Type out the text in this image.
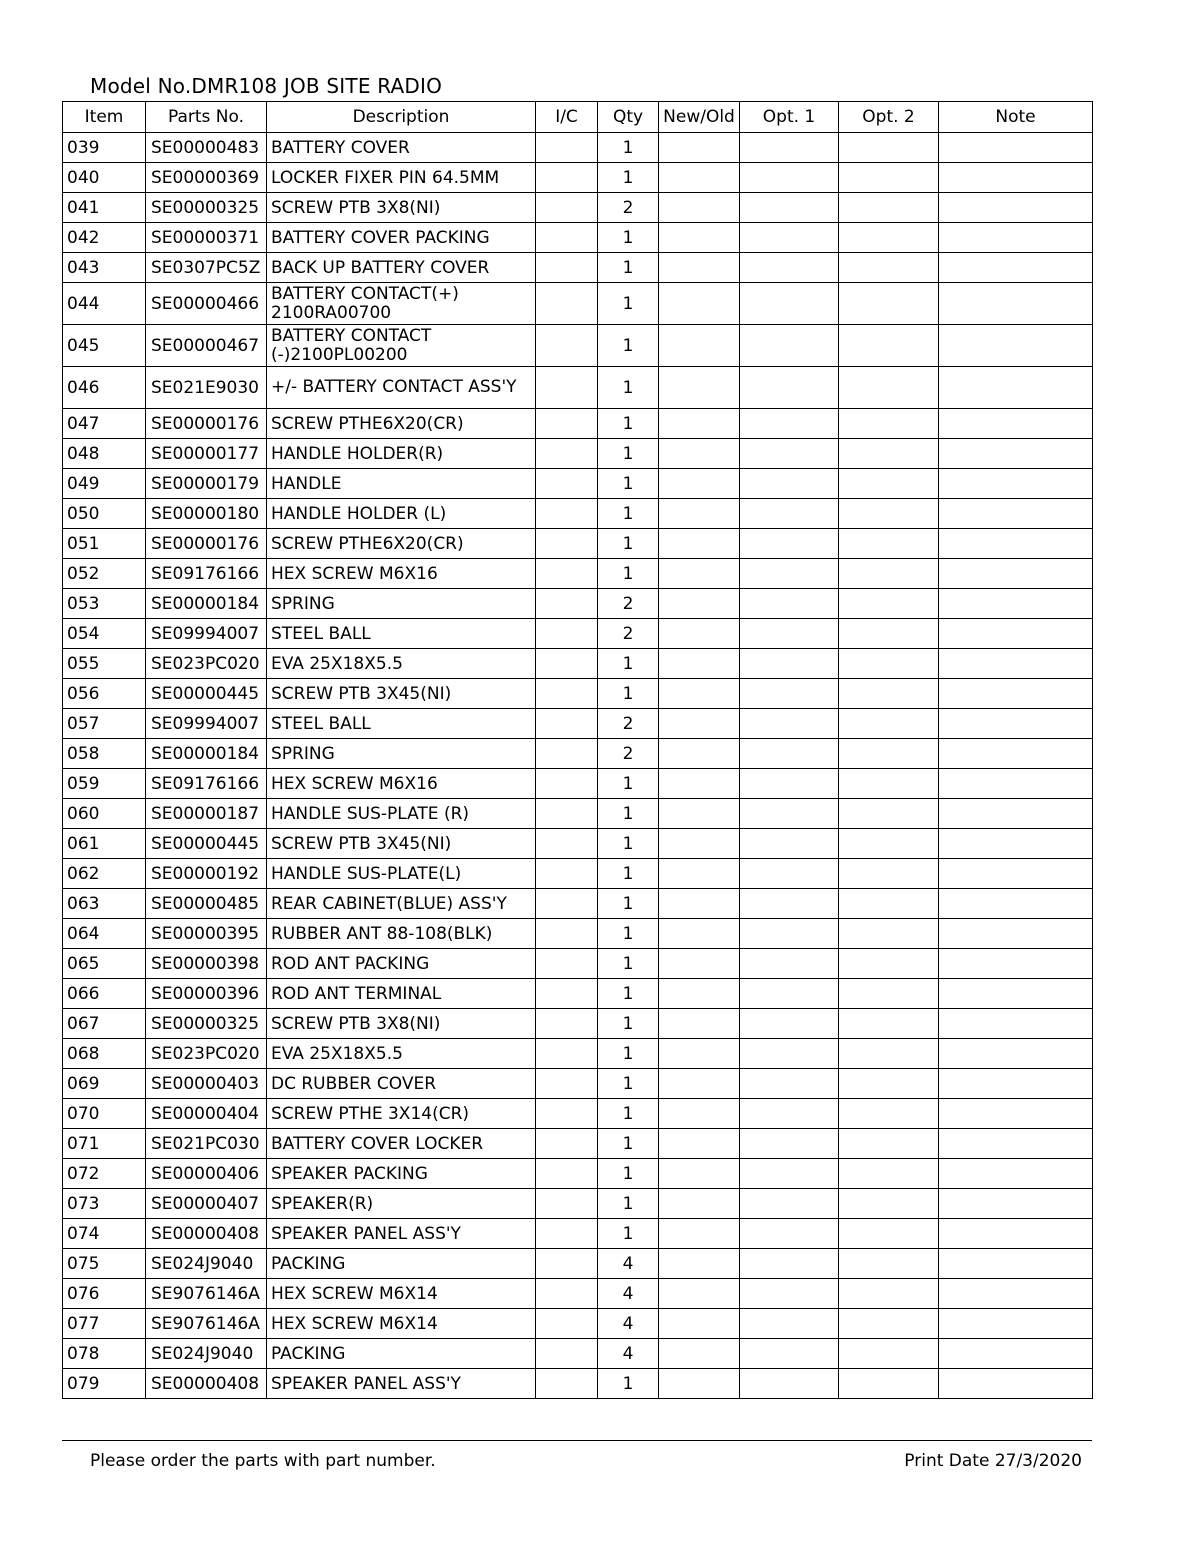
Model No.DMR108 JOB SITE RADIO
Item	Parts No.	Description	I/C	Qty	New/Old	Opt. 1	Opt. 2	Note
039	SE00000483	BATTERY COVER		1				
040	SE00000369	LOCKER FIXER PIN 64.5MM		1				
041	SE00000325	SCREW PTB 3X8(NI)		2				
042	SE00000371	BATTERY COVER PACKING		1				
043	SE0307PC5Z	BACK UP BATTERY COVER		1				
044	SE00000466	BATTERY CONTACT(+) 2100RA00700		1				
045	SE00000467	BATTERY CONTACT (-)2100PL00200		1				
046	SE021E9030	+/- BATTERY CONTACT ASS'Y		1				
047	SE00000176	SCREW PTHE6X20(CR)		1				
048	SE00000177	HANDLE HOLDER(R)		1				
049	SE00000179	HANDLE		1				
050	SE00000180	HANDLE HOLDER (L)		1				
051	SE00000176	SCREW PTHE6X20(CR)		1				
052	SE09176166	HEX SCREW M6X16		1				
053	SE00000184	SPRING		2				
054	SE09994007	STEEL BALL		2				
055	SE023PC020	EVA 25X18X5.5		1				
056	SE00000445	SCREW PTB 3X45(NI)		1				
057	SE09994007	STEEL BALL		2				
058	SE00000184	SPRING		2				
059	SE09176166	HEX SCREW M6X16		1				
060	SE00000187	HANDLE SUS-PLATE (R)		1				
061	SE00000445	SCREW PTB 3X45(NI)		1				
062	SE00000192	HANDLE SUS-PLATE(L)		1				
063	SE00000485	REAR CABINET(BLUE) ASS'Y		1				
064	SE00000395	RUBBER ANT 88-108(BLK)		1				
065	SE00000398	ROD ANT PACKING		1				
066	SE00000396	ROD ANT TERMINAL		1				
067	SE00000325	SCREW PTB 3X8(NI)		1				
068	SE023PC020	EVA 25X18X5.5		1				
069	SE00000403	DC RUBBER COVER		1				
070	SE00000404	SCREW PTHE 3X14(CR)		1				
071	SE021PC030	BATTERY COVER LOCKER		1				
072	SE00000406	SPEAKER PACKING		1				
073	SE00000407	SPEAKER(R)		1				
074	SE00000408	SPEAKER PANEL ASS'Y		1				
075	SE024J9040	PACKING		4				
076	SE9076146A	HEX SCREW M6X14		4				
077	SE9076146A	HEX SCREW M6X14		4				
078	SE024J9040	PACKING		4				
079	SE00000408	SPEAKER PANEL ASS'Y		1				
Please order the parts with part number.	Print Date 27/3/2020
